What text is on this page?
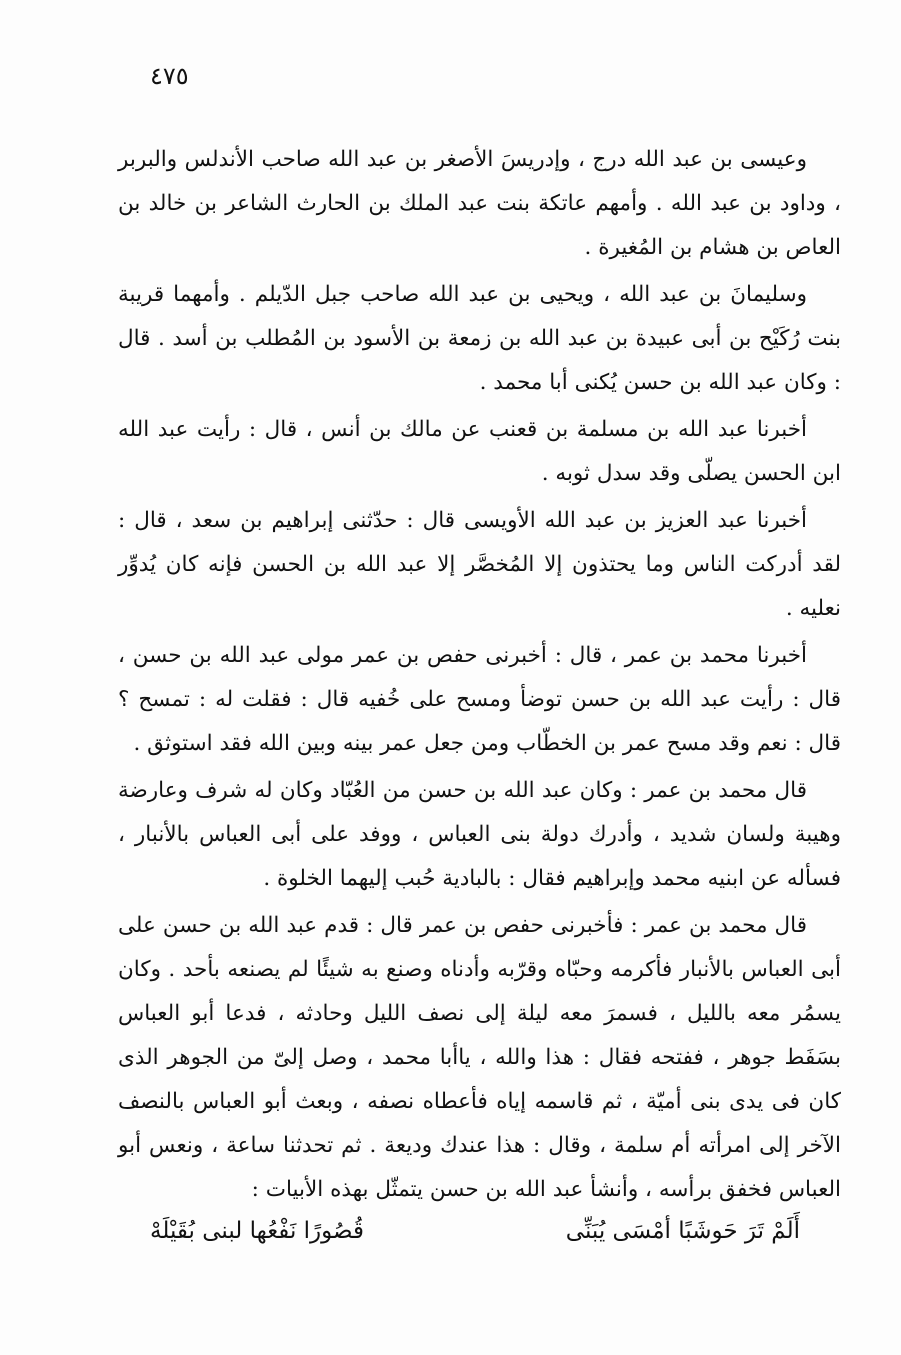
٤٧٥

وعيسى بن عبد الله درج ، وإدريسَ الأصغر بن عبد الله صاحب الأندلس والبربر ، وداود بن عبد الله . وأمهم عاتكة بنت عبد الملك بن الحارث الشاعر بن خالد بن العاص بن هشام بن المُغيرة .

وسليمانَ بن عبد الله ، ويحيى بن عبد الله صاحب جبل الدّيلم . وأمهما قريبة بنت رُكَيْح بن أبى عبيدة بن عبد الله بن زمعة بن الأسود بن المُطلب بن أسد . قال : وكان عبد الله بن حسن يُكنى أبا محمد .

أخبرنا عبد الله بن مسلمة بن قعنب عن مالك بن أنس ، قال : رأيت عبد الله ابن الحسن يصلّى وقد سدل ثوبه .

أخبرنا عبد العزيز بن عبد الله الأويسى قال : حدّثنى إبراهيم بن سعد ، قال : لقد أدركت الناس وما يحتذون إلا المُخصَّر إلا عبد الله بن الحسن فإنه كان يُدوِّر نعليه .

أخبرنا محمد بن عمر ، قال : أخبرنى حفص بن عمر مولى عبد الله بن حسن ، قال : رأيت عبد الله بن حسن توضأ ومسح على خُفيه قال : فقلت له : تمسح ؟ قال : نعم وقد مسح عمر بن الخطّاب ومن جعل عمر بينه وبين الله فقد استوثق .

قال محمد بن عمر : وكان عبد الله بن حسن من العُبّاد وكان له شرف وعارضة وهيبة ولسان شديد ، وأدرك دولة بنى العباس ، ووفد على أبى العباس بالأنبار ، فسأله عن ابنيه محمد وإبراهيم فقال : بالبادية حُبب إليهما الخلوة .

قال محمد بن عمر : فأخبرنى حفص بن عمر قال : قدم عبد الله بن حسن على أبى العباس بالأنبار فأكرمه وحبّاه وقرّبه وأدناه وصنع به شيئًا لم يصنعه بأحد . وكان يسمُر معه بالليل ، فسمرَ معه ليلة إلى نصف الليل وحادثه ، فدعا أبو العباس بسَفَط جوهر ، ففتحه فقال : هذا والله ، ياأبا محمد ، وصل إلىّ من الجوهر الذى كان فى يدى بنى أميّة ، ثم قاسمه إياه فأعطاه نصفه ، وبعث أبو العباس بالنصف الآخر إلى امرأته أم سلمة ، وقال : هذا عندك وديعة . ثم تحدثنا ساعة ، ونعس أبو العباس فخفق برأسه ، وأنشأ عبد الله بن حسن يتمثّل بهذه الأبيات :

أَلَمْ تَرَ حَوشَبًا أمْسَى يُبَنِّى
قُصُورًا نَفْعُها لبنى بُقَيْلَهْ
